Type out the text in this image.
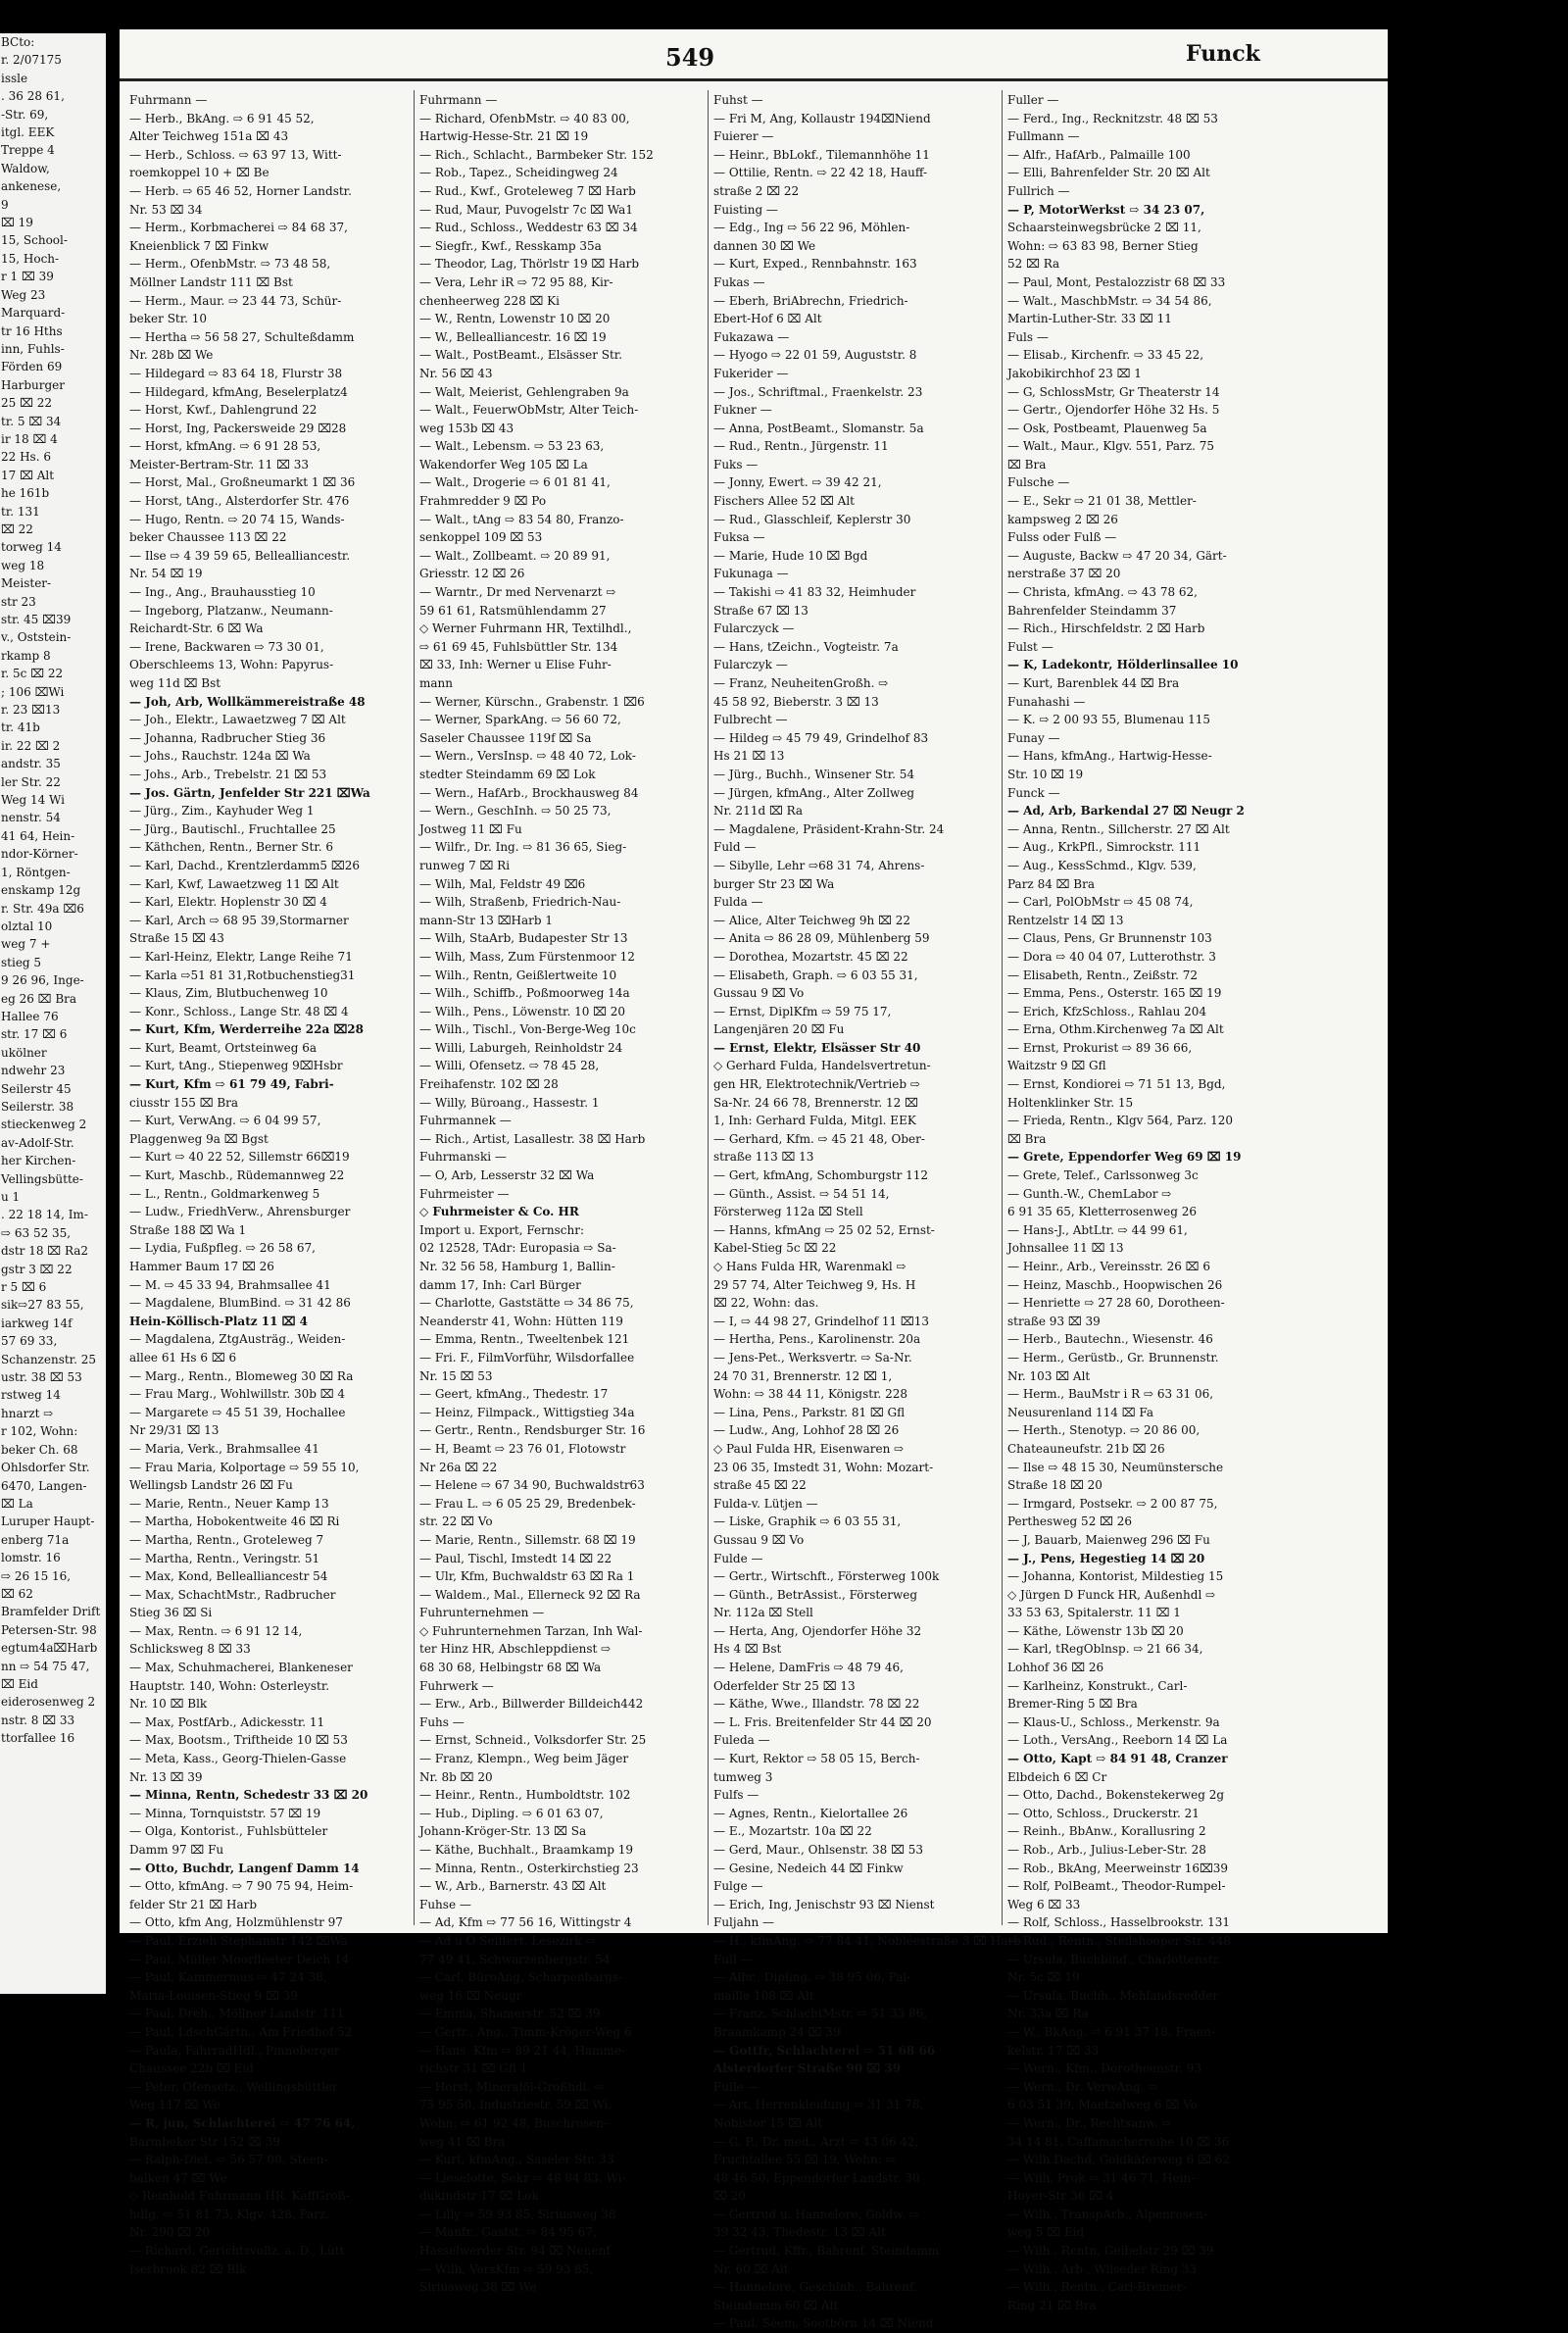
BCto:
r. 2/07175
issle
. 36 28 61,
-Str. 69,
itgl. EEK
Treppe 4
Waldow,
ankenese,
9
⌧ 19
15, School-
15, Hoch-
r 1 ⌧ 39
Weg 23
Marquard-
tr 16 Hths
inn, Fuhls-
Förden 69
Harburger
25 ⌧ 22
tr. 5 ⌧ 34
ir 18 ⌧ 4
22 Hs. 6
17 ⌧ Alt
he 161b
tr. 131
⌧ 22
torweg 14
weg 18
Meister-
str 23
str. 45 ⌧39
v., Oststein-
rkamp 8
r. 5c ⌧ 22
; 106 ⌧Wi
r. 23 ⌧13
tr. 41b
ir. 22 ⌧ 2
andstr. 35
ler Str. 22
Weg 14 Wi
nenstr. 54
41 64, Hein-
ndor-Körner-
1, Röntgen-
enskamp 12g
r. Str. 49a ⌧6
olztal 10
weg 7 +
stieg 5
9 26 96, Inge-
eg 26 ⌧ Bra
Hallee 76
str. 17 ⌧ 6
ukölner
ndwehr 23
Seilerstr 45
Seilerstr. 38
stieckenweg 2
av-Adolf-Str.
her Kirchen-
Vellingsbütte-
u 1
. 22 18 14, Im-
⇨ 63 52 35,
dstr 18 ⌧ Ra2
gstr 3 ⌧ 22
r 5 ⌧ 6
sik⇨27 83 55,
iarkweg 14f
57 69 33,
Schanzenstr. 25
ustr. 38 ⌧ 53
rstweg 14
hnarzt ⇨
r 102, Wohn:
beker Ch. 68
Ohlsdorfer Str.
6470, Langen-
⌧ La
Luruper Haupt-
enberg 71a
lomstr. 16
⇨ 26 15 16,
⌧ 62
Bramfelder Drift
Petersen-Str. 98
egtum4a⌧Harb
nn ⇨ 54 75 47,
⌧ Eid
eiderosenweg 2
nstr. 8 ⌧ 33
ttorfallee 16
549	Funck
Fuhrmann —
— Herb., BkAng. ⇨ 6 91 45 52,
Alter Teichweg 151a ⌧ 43
— Herb., Schloss. ⇨ 63 97 13, Witt-
roemkoppel 10 + ⌧ Be
— Herb. ⇨ 65 46 52, Horner Landstr.
Nr. 53 ⌧ 34
— Herm., Korbmacherei ⇨ 84 68 37,
Kneienblick 7 ⌧ Finkw
— Herm., OfenbMstr. ⇨ 73 48 58,
Möllner Landstr 111 ⌧ Bst
— Herm., Maur. ⇨ 23 44 73, Schür-
beker Str. 10
— Hertha ⇨ 56 58 27, Schulteßdamm
Nr. 28b ⌧ We
— Hildegard ⇨ 83 64 18, Flurstr 38
— Hildegard, kfmAng, Beselerplatz4
— Horst, Kwf., Dahlengrund 22
— Horst, Ing, Packersweide 29 ⌧28
— Horst, kfmAng. ⇨ 6 91 28 53,
Meister-Bertram-Str. 11 ⌧ 33
— Horst, Mal., Großneumarkt 1 ⌧ 36
— Horst, tAng., Alsterdorfer Str. 476
— Hugo, Rentn. ⇨ 20 74 15, Wands-
beker Chaussee 113 ⌧ 22
— Ilse ⇨ 4 39 59 65, Bellealliancestr.
Nr. 54 ⌧ 19
— Ing., Ang., Brauhausstieg 10
— Ingeborg, Platzanw., Neumann-
Reichardt-Str. 6 ⌧ Wa
— Irene, Backwaren ⇨ 73 30 01,
Oberschleems 13, Wohn: Papyrus-
weg 11d ⌧ Bst
— Joh, Arb, Wollkämmereistraße 48
— Joh., Elektr., Lawaetzweg 7 ⌧ Alt
— Johanna, Radbrucher Stieg 36
— Johs., Rauchstr. 124a ⌧ Wa
— Johs., Arb., Trebelstr. 21 ⌧ 53
— Jos. Gärtn, Jenfelder Str 221 ⌧Wa
— Jürg., Zim., Kayhuder Weg 1
— Jürg., Bautischl., Fruchtallee 25
— Käthchen, Rentn., Berner Str. 6
— Karl, Dachd., Krentzlerdamm5 ⌧26
— Karl, Kwf, Lawaetzweg 11 ⌧ Alt
— Karl, Elektr. Hoplenstr 30 ⌧ 4
— Karl, Arch ⇨ 68 95 39,Stormarner
Straße 15 ⌧ 43
— Karl-Heinz, Elektr, Lange Reihe 71
— Karla ⇨51 81 31,Rotbuchenstieg31
— Klaus, Zim, Blutbuchenweg 10
— Konr., Schloss., Lange Str. 48 ⌧ 4
— Kurt, Kfm, Werderreihe 22a ⌧28
— Kurt, Beamt, Ortsteinweg 6a
— Kurt, tAng., Stiepenweg 9⌧Hsbr
— Kurt, Kfm ⇨ 61 79 49, Fabri-
ciusstr 155 ⌧ Bra
— Kurt, VerwAng. ⇨ 6 04 99 57,
Plaggenweg 9a ⌧ Bgst
— Kurt ⇨ 40 22 52, Sillemstr 66⌧19
— Kurt, Maschb., Rüdemannweg 22
— L., Rentn., Goldmarkenweg 5
— Ludw., FriedhVerw., Ahrensburger
Straße 188 ⌧ Wa 1
— Lydia, Fußpfleg. ⇨ 26 58 67,
Hammer Baum 17 ⌧ 26
— M. ⇨ 45 33 94, Brahmsallee 41
— Magdalene, BlumBind. ⇨ 31 42 86
Hein-Köllisch-Platz 11 ⌧ 4
— Magdalena, ZtgAusträg., Weiden-
allee 61 Hs 6 ⌧ 6
— Marg., Rentn., Blomeweg 30 ⌧ Ra
— Frau Marg., Wohlwillstr. 30b ⌧ 4
— Margarete ⇨ 45 51 39, Hochallee
Nr 29/31 ⌧ 13
— Maria, Verk., Brahmsallee 41
— Frau Maria, Kolportage ⇨ 59 55 10,
Wellingsb Landstr 26 ⌧ Fu
— Marie, Rentn., Neuer Kamp 13
— Martha, Hobokentweite 46 ⌧ Ri
— Martha, Rentn., Groteleweg 7
— Martha, Rentn., Veringstr. 51
— Max, Kond, Bellealliancestr 54
— Max, SchachtMstr., Radbrucher
Stieg 36 ⌧ Si
— Max, Rentn. ⇨ 6 91 12 14,
Schlicksweg 8 ⌧ 33
— Max, Schuhmacherei, Blankeneser
Hauptstr. 140, Wohn: Osterleystr.
Nr. 10 ⌧ Blk
— Max, PostfArb., Adickesstr. 11
— Max, Bootsm., Triftheide 10 ⌧ 53
— Meta, Kass., Georg-Thielen-Gasse
Nr. 13 ⌧ 39
— Minna, Rentn, Schedestr 33 ⌧ 20
— Minna, Tornquiststr. 57 ⌧ 19
— Olga, Kontorist., Fuhlsbütteler
Damm 97 ⌧ Fu
— Otto, Buchdr, Langenf Damm 14
— Otto, kfmAng. ⇨ 7 90 75 94, Heim-
felder Str 21 ⌧ Harb
— Otto, kfm Ang, Holzmühlenstr 97
— Paul, Erzieh Stephanstr 142 ⌧Wa
— Paul, Müller Moorfleeter Deich 14
— Paul, Kammermus ⇨ 47 24 38,
Maria-Louisen-Stieg 9 ⌧ 39
— Paul, Dreh., Möllner Landstr. 111
— Paul, LdschGärtn., Am Friedhof 52
— Paula, FahrradHdl., Pinneberger
Chaussee 22b ⌧ Eid
— Peter, Ofensetz., Wellingsbüttler
Weg 117 ⌧ We
— R, jun, Schlachterei ⇨ 47 76 64,
Barmbeker Str 152 ⌧ 39
— Ralph-Diet. ⇨ 56 57 00, Steen-
balken 47 ⌧ We
◇ Reinhold Fuhrmann HR, KaffGroß-
hdlg. ⇨ 51 81 73, Klgv. 428, Parz.
Nr. 290 ⌧ 20
— Richard, Gerichtsvollz. a. D., Lütt
Iserbrook 82 ⌧ Blk
Fuhrmann —
— Richard, OfenbMstr. ⇨ 40 83 00,
Hartwig-Hesse-Str. 21 ⌧ 19
— Rich., Schlacht., Barmbeker Str. 152
— Rob., Tapez., Scheidingweg 24
— Rud., Kwf., Groteleweg 7 ⌧ Harb
— Rud, Maur, Puvogelstr 7c ⌧ Wa1
— Rud., Schloss., Weddestr 63 ⌧ 34
— Siegfr., Kwf., Resskamp 35a
— Theodor, Lag, Thörlstr 19 ⌧ Harb
— Vera, Lehr iR ⇨ 72 95 88, Kir-
chenheerweg 228 ⌧ Ki
— W., Rentn, Lowenstr 10 ⌧ 20
— W., Bellealliancestr. 16 ⌧ 19
— Walt., PostBeamt., Elsässer Str.
Nr. 56 ⌧ 43
— Walt, Meierist, Gehlengraben 9a
— Walt., FeuerwObMstr, Alter Teich-
weg 153b ⌧ 43
— Walt., Lebensm. ⇨ 53 23 63,
Wakendorfer Weg 105 ⌧ La
— Walt., Drogerie ⇨ 6 01 81 41,
Frahmredder 9 ⌧ Po
— Walt., tAng ⇨ 83 54 80, Franzo-
senkoppel 109 ⌧ 53
— Walt., Zollbeamt. ⇨ 20 89 91,
Griesstr. 12 ⌧ 26
— Warntr., Dr med Nervenarzt ⇨
59 61 61, Ratsmühlendamm 27
◇ Werner Fuhrmann HR, Textilhdl.,
⇨ 61 69 45, Fuhlsbüttler Str. 134
⌧ 33, Inh: Werner u Elise Fuhr-
mann
— Werner, Kürschn., Grabenstr. 1 ⌧6
— Werner, SparkAng. ⇨ 56 60 72,
Saseler Chaussee 119f ⌧ Sa
— Wern., VersInsp. ⇨ 48 40 72, Lok-
stedter Steindamm 69 ⌧ Lok
— Wern., HafArb., Brockhausweg 84
— Wern., GeschInh. ⇨ 50 25 73,
Jostweg 11 ⌧ Fu
— Wilfr., Dr. Ing. ⇨ 81 36 65, Sieg-
runweg 7 ⌧ Ri
— Wilh, Mal, Feldstr 49 ⌧6
— Wilh, Straßenb, Friedrich-Nau-
mann-Str 13 ⌧Harb 1
— Wilh, StaArb, Budapester Str 13
— Wilh, Mass, Zum Fürstenmoor 12
— Wilh., Rentn, Geißlertweite 10
— Wilh., Schiffb., Poßmoorweg 14a
— Wilh., Pens., Löwenstr. 10 ⌧ 20
— Wilh., Tischl., Von-Berge-Weg 10c
— Willi, Laburgeh, Reinholdstr 24
— Willi, Ofensetz. ⇨ 78 45 28,
Freihafenstr. 102 ⌧ 28
— Willy, Büroang., Hassestr. 1
Fuhrmannek —
— Rich., Artist, Lasallestr. 38 ⌧ Harb
Fuhrmanski —
— O, Arb, Lesserstr 32 ⌧ Wa
Fuhrmeister —
◇ Fuhrmeister & Co. HR
Import u. Export, Fernschr:
02 12528, TAdr: Europasia ⇨ Sa-
Nr. 32 56 58, Hamburg 1, Ballin-
damm 17, Inh: Carl Bürger
— Charlotte, Gaststätte ⇨ 34 86 75,
Neanderstr 41, Wohn: Hütten 119
— Emma, Rentn., Tweeltenbek 121
— Fri. F., FilmVorführ, Wilsdorfallee
Nr. 15 ⌧ 53
— Geert, kfmAng., Thedestr. 17
— Heinz, Filmpack., Wittigstieg 34a
— Gertr., Rentn., Rendsburger Str. 16
— H, Beamt ⇨ 23 76 01, Flotowstr
Nr 26a ⌧ 22
— Helene ⇨ 67 34 90, Buchwaldstr63
— Frau L. ⇨ 6 05 25 29, Bredenbek-
str. 22 ⌧ Vo
— Marie, Rentn., Sillemstr. 68 ⌧ 19
— Paul, Tischl, Imstedt 14 ⌧ 22
— Ulr, Kfm, Buchwaldstr 63 ⌧ Ra 1
— Waldem., Mal., Ellerneck 92 ⌧ Ra
Fuhrunternehmen —
◇ Fuhrunternehmen Tarzan, Inh Wal-
ter Hinz HR, Abschleppdienst ⇨
68 30 68, Helbingstr 68 ⌧ Wa
Fuhrwerk —
— Erw., Arb., Billwerder Billdeich442
Fuhs —
— Ernst, Schneid., Volksdorfer Str. 25
— Franz, Klempn., Weg beim Jäger
Nr. 8b ⌧ 20
— Heinr., Rentn., Humboldtstr. 102
— Hub., Dipling. ⇨ 6 01 63 07,
Johann-Kröger-Str. 13 ⌧ Sa
— Käthe, Buchhalt., Braamkamp 19
— Minna, Rentn., Osterkirchstieg 23
— W., Arb., Barnerstr. 43 ⌧ Alt
Fuhse —
— Ad, Kfm ⇨ 77 56 16, Wittingstr 4
— Ad u O Seiffert, Lesezirk ⇨
77 49 41, Schwarzenbergstr. 54
— Carl, BüroAng, Scharpenbargs-
weg 16 ⌧ Neugr
— Emma, Shamerstr. 52 ⌧ 39
— Gertr., Ang., Timm-Kröger-Weg 6
— Hans, Kfm ⇨ 89 21 44, Hamme-
richstr 31 ⌧ Gfl 1
— Horst, Mineralöl-Großhdl. ⇨
75 95 50, Industriestr. 59 ⌧ Wi,
Wohn: ⇨ 61 92 48, Buschrosen-
weg 41 ⌧ Bra
— Kurt, kfmAng., Saseler Str. 33
— Lieselotte, Sekr ⇨ 48 84 83, Wi-
dukindstr 17 ⌧ Lok
— Lilly ⇨ 59 93 85, Siriusweg 38
— Manfr., Gastst. ⇨ 84 95 67,
Hasselwerder Str. 94 ⌧ Neuenf
— Wilh, VersKfm ⇨ 59 93 85,
Siriusweg 38 ⌧ We
Fuhst —
— Fri M, Ang, Kollaustr 194⌧Niend
Fuierer —
— Heinr., BbLokf., Tilemannhöhe 11
— Ottilie, Rentn. ⇨ 22 42 18, Hauff-
straße 2 ⌧ 22
Fuisting —
— Edg., Ing ⇨ 56 22 96, Möhlen-
dannen 30 ⌧ We
— Kurt, Exped., Rennbahnstr. 163
Fukas —
— Eberh, BriAbrechn, Friedrich-
Ebert-Hof 6 ⌧ Alt
Fukazawa —
— Hyogo ⇨ 22 01 59, Auguststr. 8
Fukerider —
— Jos., Schriftmal., Fraenkelstr. 23
Fukner —
— Anna, PostBeamt., Slomanstr. 5a
— Rud., Rentn., Jürgenstr. 11
Fuks —
— Jonny, Ewert. ⇨ 39 42 21,
Fischers Allee 52 ⌧ Alt
— Rud., Glasschleif, Keplerstr 30
Fuksa —
— Marie, Hude 10 ⌧ Bgd
Fukunaga —
— Takishi ⇨ 41 83 32, Heimhuder
Straße 67 ⌧ 13
Fularczyck —
— Hans, tZeichn., Vogteistr. 7a
Fularczyk —
— Franz, NeuheitenGroßh. ⇨
45 58 92, Bieberstr. 3 ⌧ 13
Fulbrecht —
— Hildeg ⇨ 45 79 49, Grindelhof 83
Hs 21 ⌧ 13
— Jürg., Buchh., Winsener Str. 54
— Jürgen, kfmAng., Alter Zollweg
Nr. 211d ⌧ Ra
— Magdalene, Präsident-Krahn-Str. 24
Fuld —
— Sibylle, Lehr ⇨68 31 74, Ahrens-
burger Str 23 ⌧ Wa
Fulda —
— Alice, Alter Teichweg 9h ⌧ 22
— Anita ⇨ 86 28 09, Mühlenberg 59
— Dorothea, Mozartstr. 45 ⌧ 22
— Elisabeth, Graph. ⇨ 6 03 55 31,
Gussau 9 ⌧ Vo
— Ernst, DiplKfm ⇨ 59 75 17,
Langenjären 20 ⌧ Fu
— Ernst, Elektr, Elsässer Str 40
◇ Gerhard Fulda, Handelsvertretun-
gen HR, Elektrotechnik/Vertrieb ⇨
Sa-Nr. 24 66 78, Brennerstr. 12 ⌧
1, Inh: Gerhard Fulda, Mitgl. EEK
— Gerhard, Kfm. ⇨ 45 21 48, Ober-
straße 113 ⌧ 13
— Gert, kfmAng, Schomburgstr 112
— Günth., Assist. ⇨ 54 51 14,
Försterweg 112a ⌧ Stell
— Hanns, kfmAng ⇨ 25 02 52, Ernst-
Kabel-Stieg 5c ⌧ 22
◇ Hans Fulda HR, Warenmakl ⇨
29 57 74, Alter Teichweg 9, Hs. H
⌧ 22, Wohn: das.
— I, ⇨ 44 98 27, Grindelhof 11 ⌧13
— Hertha, Pens., Karolinenstr. 20a
— Jens-Pet., Werksvertr. ⇨ Sa-Nr.
24 70 31, Brennerstr. 12 ⌧ 1,
Wohn: ⇨ 38 44 11, Königstr. 228
— Lina, Pens., Parkstr. 81 ⌧ Gfl
— Ludw., Ang, Lohhof 28 ⌧ 26
◇ Paul Fulda HR, Eisenwaren ⇨
23 06 35, Imstedt 31, Wohn: Mozart-
straße 45 ⌧ 22
Fulda-v. Lütjen —
— Liske, Graphik ⇨ 6 03 55 31,
Gussau 9 ⌧ Vo
Fulde —
— Gertr., Wirtschft., Försterweg 100k
— Günth., BetrAssist., Försterweg
Nr. 112a ⌧ Stell
— Herta, Ang, Ojendorfer Höhe 32
Hs 4 ⌧ Bst
— Helene, DamFris ⇨ 48 79 46,
Oderfelder Str 25 ⌧ 13
— Käthe, Wwe., Illandstr. 78 ⌧ 22
— L. Fris. Breitenfelder Str 44 ⌧ 20
Fuleda —
— Kurt, Rektor ⇨ 58 05 15, Berch-
tumweg 3
Fulfs —
— Agnes, Rentn., Kielortallee 26
— E., Mozartstr. 10a ⌧ 22
— Gerd, Maur., Ohlsenstr. 38 ⌧ 53
— Gesine, Nedeich 44 ⌧ Finkw
Fulge —
— Erich, Ing, Jenischstr 93 ⌧ Nienst
Fuljahn —
— H., kfmAng. ⇨ 77 84 41, Nobléestraße 3 ⌧ Harb
Full —
— Albr., Dipling. ⇨ 38 95 06, Pal-
maille 108 ⌧ Alt
— Franz, SchlachtMstr. ⇨ 51 33 86,
Braamkamp 24 ⌧ 39
— Gottfr, Schlachterei ⇨ 51 68 66
Alsterdorfer Straße 90 ⌧ 39
Fulle —
— Art, Herrenkleidung ⇨ 31 31 78,
Nobistor 15 ⌧ Alt
— G. P., Dr. med., Arzt ⇨ 43 06 42,
Fruchtallee 55 ⌧ 19, Wohn: ⇨
48 46 50, Eppendorfer Landstr. 30
⌧ 20
— Gertrud u. Hannelore, Goldw. ⇨
39 32 43, Thedestr. 13 ⌧ Alt
— Gertrud, Kffr., Bahrenf. Steindamm
Nr. 60 ⌧ Alt
— Hannelore, Geschinh., Bahrenf.
Steindamm 60 ⌧ Alt
— Paul, Seem, Sootbörn 14 ⌧ Niend
Fuller —
— Ferd., Ing., Recknitzstr. 48 ⌧ 53
Fullmann —
— Alfr., HafArb., Palmaille 100
— Elli, Bahrenfelder Str. 20 ⌧ Alt
Fullrich —
— P, MotorWerkst ⇨ 34 23 07,
Schaarsteinwegsbrücke 2 ⌧ 11,
Wohn: ⇨ 63 83 98, Berner Stieg
52 ⌧ Ra
— Paul, Mont, Pestalozzistr 68 ⌧ 33
— Walt., MaschbMstr. ⇨ 34 54 86,
Martin-Luther-Str. 33 ⌧ 11
Fuls —
— Elisab., Kirchenfr. ⇨ 33 45 22,
Jakobikirchhof 23 ⌧ 1
— G, SchlossMstr, Gr Theaterstr 14
— Gertr., Ojendorfer Höhe 32 Hs. 5
— Osk, Postbeamt, Plauenweg 5a
— Walt., Maur., Klgv. 551, Parz. 75
⌧ Bra
Fulsche —
— E., Sekr ⇨ 21 01 38, Mettler-
kampsweg 2 ⌧ 26
Fulss oder Fulß —
— Auguste, Backw ⇨ 47 20 34, Gärt-
nerstraße 37 ⌧ 20
— Christa, kfmAng. ⇨ 43 78 62,
Bahrenfelder Steindamm 37
— Rich., Hirschfeldstr. 2 ⌧ Harb
Fulst —
— K, Ladekontr, Hölderlinsallee 10
— Kurt, Barenblek 44 ⌧ Bra
Funahashi —
— K. ⇨ 2 00 93 55, Blumenau 115
Funay —
— Hans, kfmAng., Hartwig-Hesse-
Str. 10 ⌧ 19
Funck —
— Ad, Arb, Barkendal 27 ⌧ Neugr 2
— Anna, Rentn., Sillcherstr. 27 ⌧ Alt
— Aug., KrkPfl., Simrockstr. 111
— Aug., KessSchmd., Klgv. 539,
Parz 84 ⌧ Bra
— Carl, PolObMstr ⇨ 45 08 74,
Rentzelstr 14 ⌧ 13
— Claus, Pens, Gr Brunnenstr 103
— Dora ⇨ 40 04 07, Lutterothstr. 3
— Elisabeth, Rentn., Zeißstr. 72
— Emma, Pens., Osterstr. 165 ⌧ 19
— Erich, KfzSchloss., Rahlau 204
— Erna, Othm.Kirchenweg 7a ⌧ Alt
— Ernst, Prokurist ⇨ 89 36 66,
Waitzstr 9 ⌧ Gfl
— Ernst, Kondiorei ⇨ 71 51 13, Bgd,
Holtenklinker Str. 15
— Frieda, Rentn., Klgv 564, Parz. 120
⌧ Bra
— Grete, Eppendorfer Weg 69 ⌧ 19
— Grete, Telef., Carlssonweg 3c
— Gunth.-W., ChemLabor ⇨
6 91 35 65, Kletterrosenweg 26
— Hans-J., AbtLtr. ⇨ 44 99 61,
Johnsallee 11 ⌧ 13
— Heinr., Arb., Vereinsstr. 26 ⌧ 6
— Heinz, Maschb., Hoopwischen 26
— Henriette ⇨ 27 28 60, Dorotheen-
straße 93 ⌧ 39
— Herb., Bautechn., Wiesenstr. 46
— Herm., Gerüstb., Gr. Brunnenstr.
Nr. 103 ⌧ Alt
— Herm., BauMstr i R ⇨ 63 31 06,
Neusurenland 114 ⌧ Fa
— Herth., Stenotyp. ⇨ 20 86 00,
Chateauneufstr. 21b ⌧ 26
— Ilse ⇨ 48 15 30, Neumünstersche
Straße 18 ⌧ 20
— Irmgard, Postsekr. ⇨ 2 00 87 75,
Perthesweg 52 ⌧ 26
— J, Bauarb, Maienweg 296 ⌧ Fu
— J., Pens, Hegestieg 14 ⌧ 20
— Johanna, Kontorist, Mildestieg 15
◇ Jürgen D Funck HR, Außenhdl ⇨
33 53 63, Spitalerstr. 11 ⌧ 1
— Käthe, Löwenstr 13b ⌧ 20
— Karl, tRegOblnsp. ⇨ 21 66 34,
Lohhof 36 ⌧ 26
— Karlheinz, Konstrukt., Carl-
Bremer-Ring 5 ⌧ Bra
— Klaus-U., Schloss., Merkenstr. 9a
— Loth., VersAng., Reeborn 14 ⌧ La
— Otto, Kapt ⇨ 84 91 48, Cranzer
Elbdeich 6 ⌧ Cr
— Otto, Dachd., Bokenstekerweg 2g
— Otto, Schloss., Druckerstr. 21
— Reinh., BbAnw., Korallusring 2
— Rob., Arb., Julius-Leber-Str. 28
— Rob., BkAng, Meerweinstr 16⌧39
— Rolf, PolBeamt., Theodor-Rumpel-
Weg 6 ⌧ 33
— Rolf, Schloss., Hasselbrookstr. 131
— Rud., Rentn., Steilshooper Str. 448
— Ursula, Buchbind., Charlottenstr.
Nr. 5c ⌧ 19
— Ursula, Buchh., Mehlandsredder
Nr. 33a ⌧ Ra
— W., BkAng. ⇨ 6 91 37 18, Fraen-
kelstr. 17 ⌧ 33
— Wern., Kfm., Dorotheenstr. 93
— Wern., Dr. VerwAng. ⇨
6 03 51 39, Maetzelweg 6 ⌧ Vo
— Wern., Dr., Rechtsanw. ⇨
34 14 81, Caffamacherreihe 10 ⌧ 36
— Wilh Dachd, Goldkäferweg 6 ⌧ 62
— Wilh, Prok ⇨ 31 46 71, Hein-
Hoyer-Str 36 ⌧ 4
— Wilh., TranspArb., Alpenrosen-
weg 5 ⌧ Eid
— Wilh., Rentn, Geibelstr 29 ⌧ 39
— Wilh., Arb., Wilseder Ring 33
— Wilh., Rentn., Carl-Bremer-
Ring 21 ⌧ Bra
